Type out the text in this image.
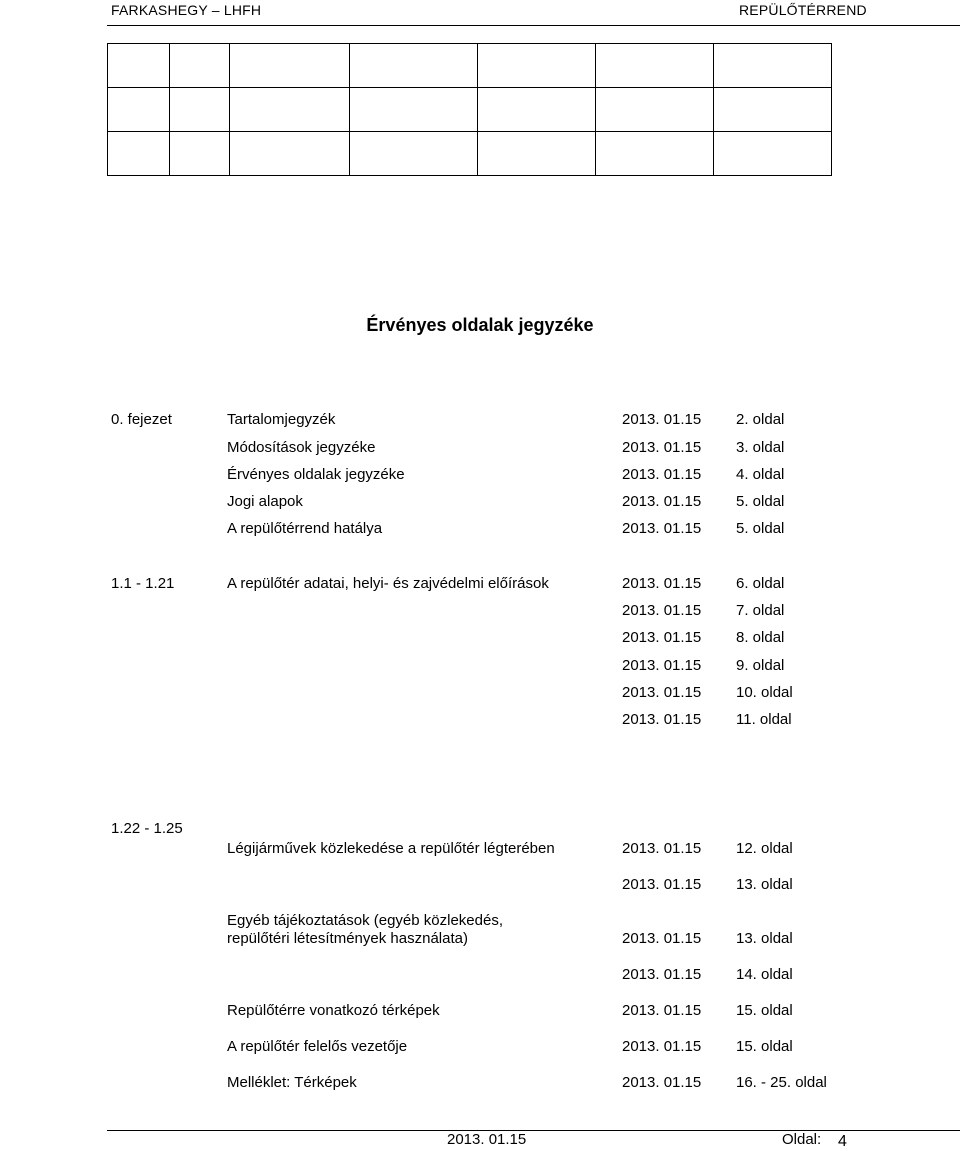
FARKASHEGY – LHFH	REPÜLŐTÉRREND

Érvényes oldalak jegyzéke
0. fejezet	Tartalomjegyzék	2013. 01.15 2. oldal
Módosítások jegyzéke	2013. 01.15 3. oldal
Érvényes oldalak jegyzéke	2013. 01.15 4. oldal
Jogi alapok	2013. 01.15 5. oldal
A repülőtérrend hatálya	2013. 01.15 5. oldal
1.1 - 1.21	A repülőtér adatai, helyi- és zajvédelmi előírások	2013. 01.15 6. oldal
2013. 01.15 7. oldal
2013. 01.15 8. oldal
2013. 01.15 9. oldal
2013. 01.15 10. oldal
2013. 01.15 11. oldal
1.22 - 1.25
Légijárművek közlekedése a repülőtér légterében	2013. 01.15 12. oldal
2013. 01.15 13. oldal
Egyéb tájékoztatások (egyéb közlekedés,
repülőtéri létesítmények használata)	2013. 01.15 13. oldal
2013. 01.15 14. oldal
Repülőtérre vonatkozó térképek	2013. 01.15 15. oldal
A repülőtér felelős vezetője	2013. 01.15 15. oldal
Melléklet: Térképek	2013. 01.15 16. - 25. oldal
2013. 01.15	Oldal: 4
